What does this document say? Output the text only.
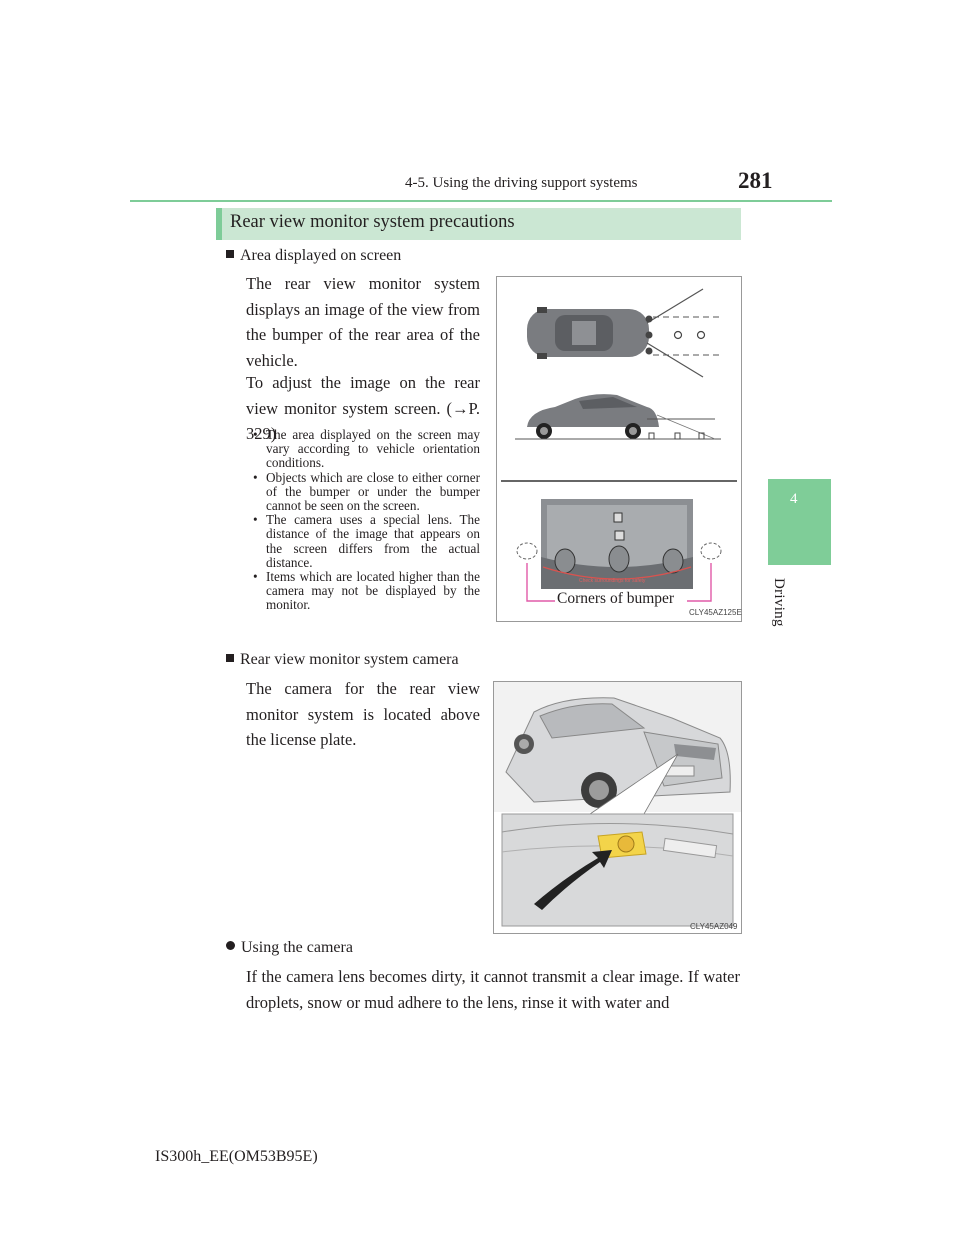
4-5. Using the driving support systems	281
4
Driving
Rear view monitor system precautions
Area displayed on screen
The rear view monitor system displays an image of the view from the bumper of the rear area of the vehicle.
To adjust the image on the rear view monitor system screen. (→P. 329)
• The area displayed on the screen may vary according to vehicle orientation conditions.
• Objects which are close to either corner of the bumper or under the bumper cannot be seen on the screen.
• The camera uses a special lens. The distance of the image that appears on the screen differs from the actual distance.
• Items which are located higher than the camera may not be displayed by the monitor.
Check surroundings for safety
Corners of bumper
CLY45AZ125E
Rear view monitor system camera
The camera for the rear view monitor system is located above the license plate.
CLY45AZ049
Using the camera
If the camera lens becomes dirty, it cannot transmit a clear image. If water droplets, snow or mud adhere to the lens, rinse it with water and
IS300h_EE(OM53B95E)
